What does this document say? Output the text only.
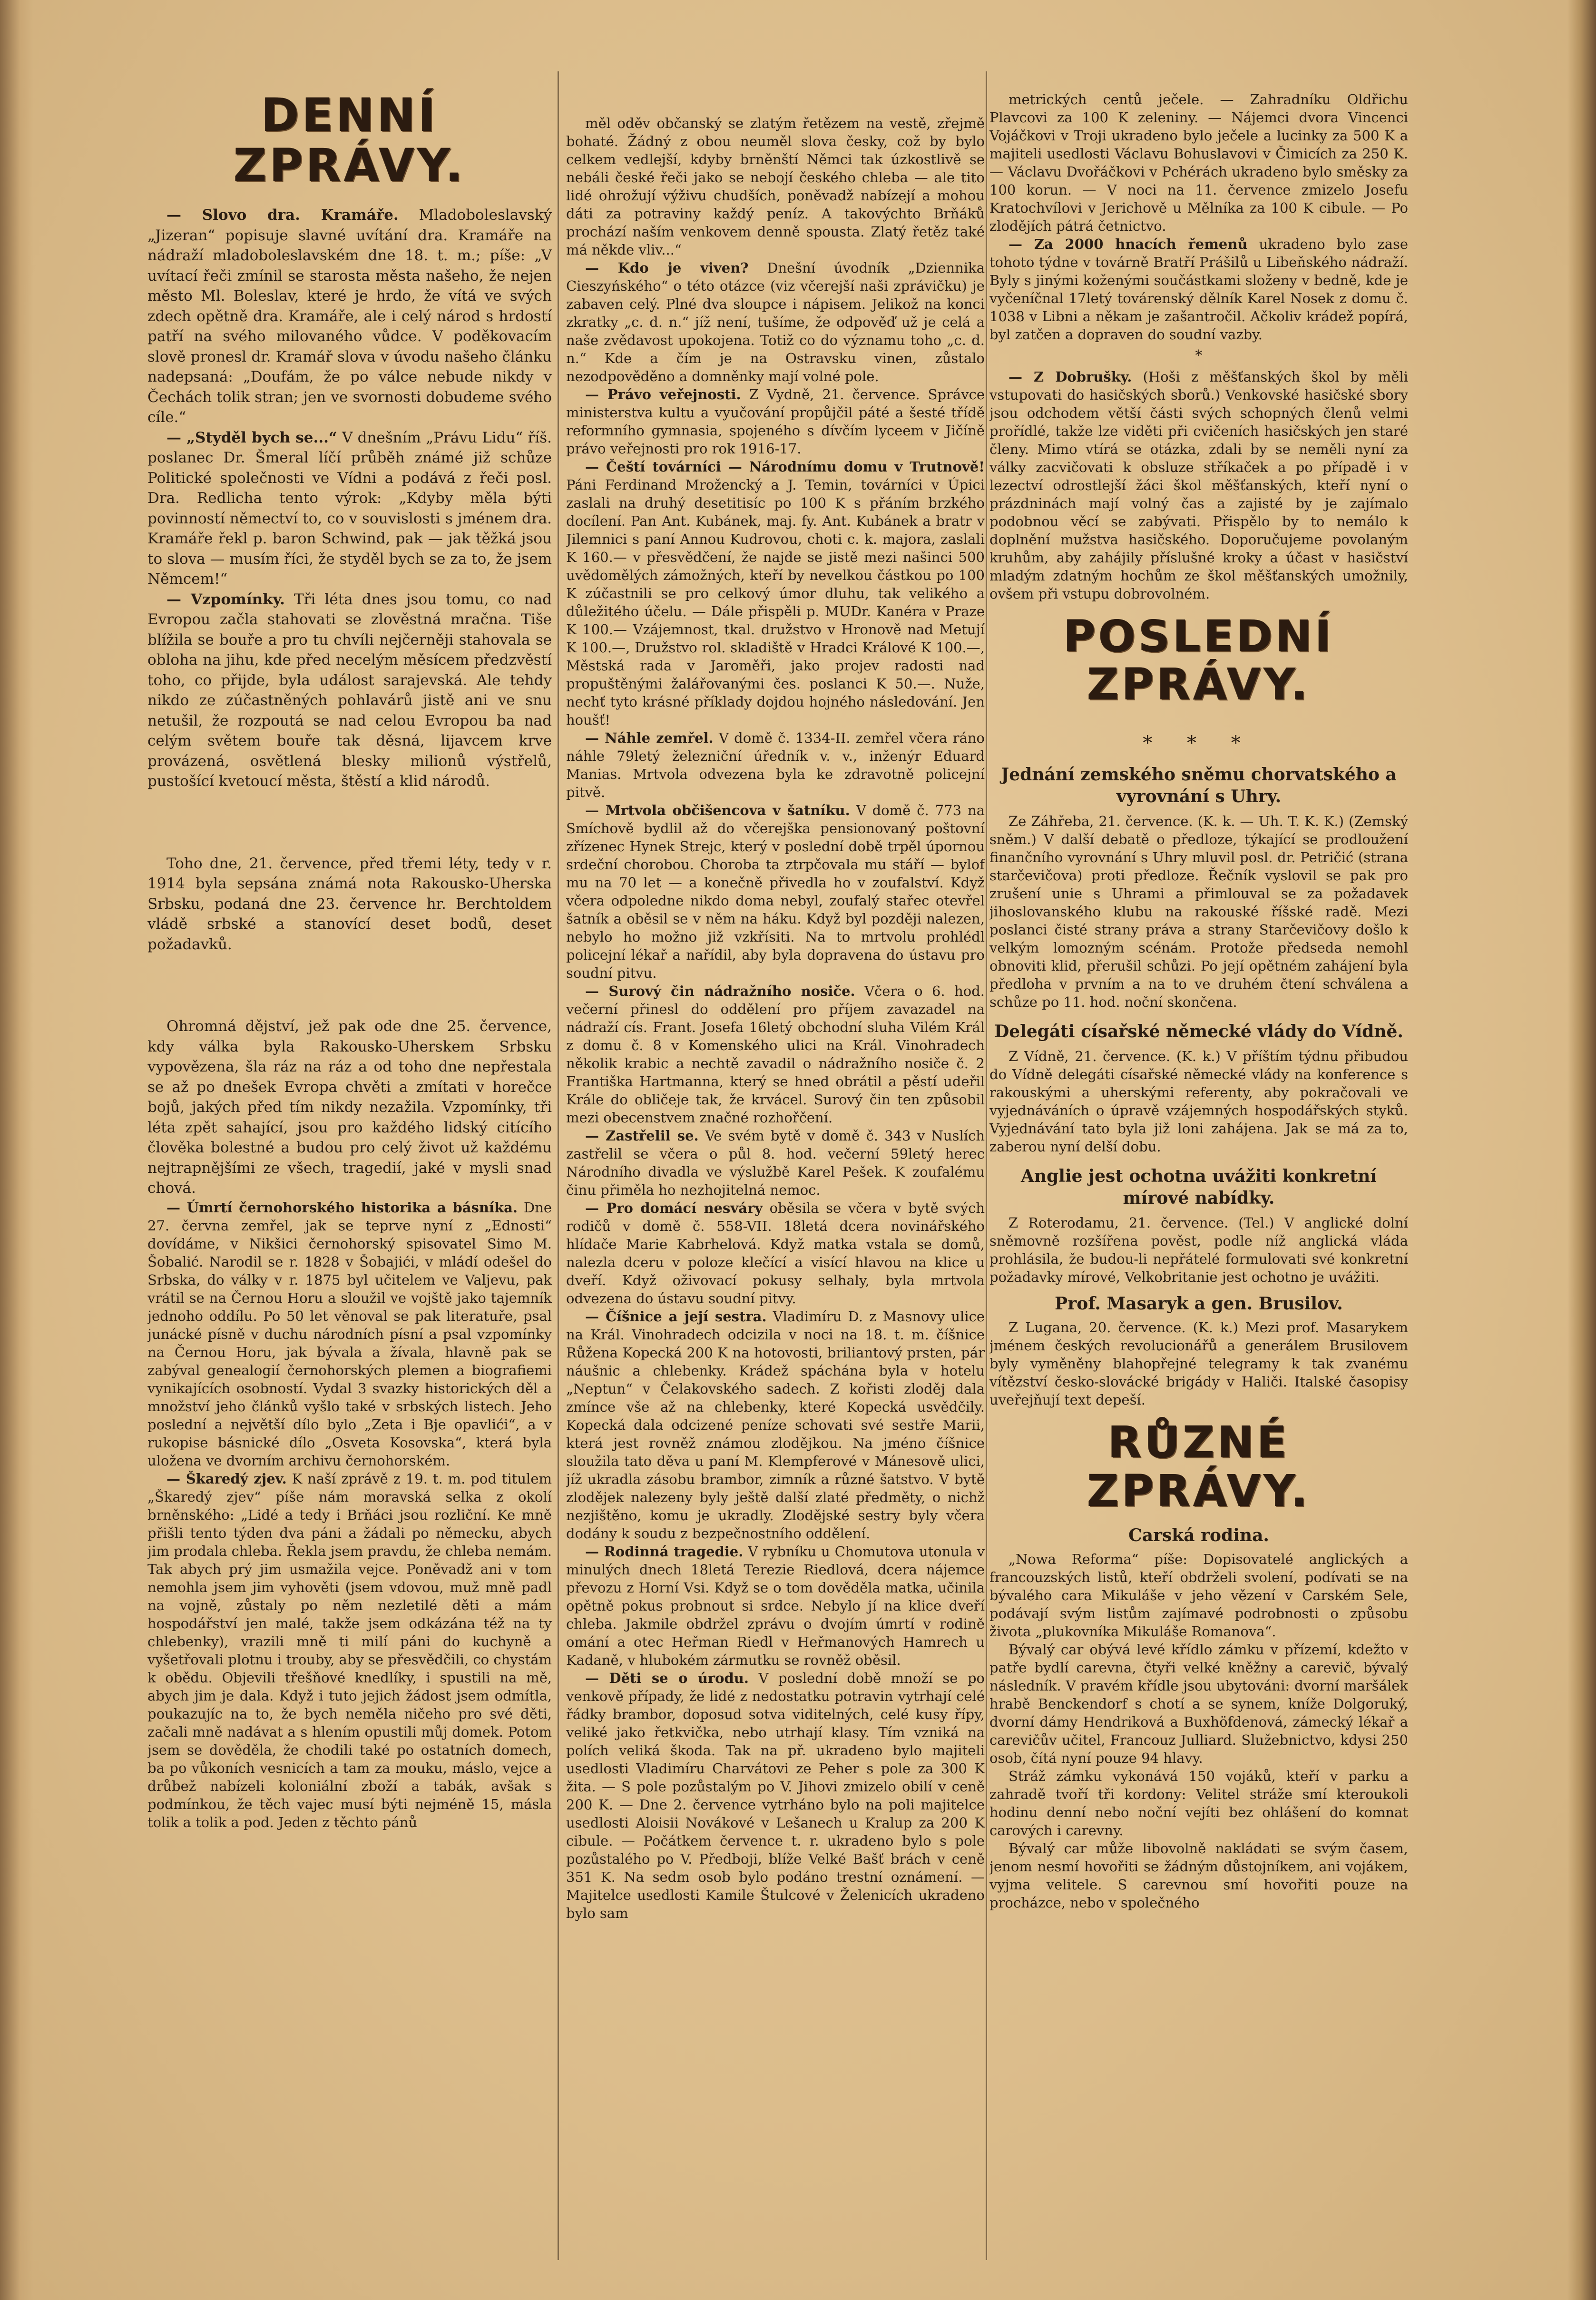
DENNÍ ZPRÁVY.

— Slovo dra. Kramáře. Mladoboleslavský „Jizeran“ popisuje slavné uvítání dra. Kramáře na nádraží mladoboleslavském dne 18. t. m.; píše: „V uvítací řeči zmínil se starosta města našeho, že nejen město Ml. Boleslav, které je hrdo, že vítá ve svých zdech opětně dra. Kramáře, ale i celý národ s hrdostí patří na svého milovaného vůdce. V poděkovacím slově pronesl dr. Kramář slova v úvodu našeho článku nadepsaná: „Doufám, že po válce nebude nikdy v Čechách tolik stran; jen ve svornosti dobudeme svého cíle.“

— „Styděl bych se...“ V dnešním „Právu Lidu“ říš. poslanec Dr. Šmeral líčí průběh známé již schůze Politické společnosti ve Vídni a podává z řeči posl. Dra. Redlicha tento výrok: „Kdyby měla býti povinností němectví to, co v souvislosti s jménem dra. Kramáře řekl p. baron Schwind, pak — jak těžká jsou to slova — musím říci, že styděl bych se za to, že jsem Němcem!“

— Vzpomínky. Tři léta dnes jsou tomu, co nad Evropou začla stahovati se zlověstná mračna. Tiše blížila se bouře a pro tu chvíli nejčerněji stahovala se obloha na jihu, kde před necelým měsícem předzvěstí toho, co přijde, byla událost sarajevská. Ale tehdy nikdo ze zúčastněných pohlavárů jistě ani ve snu netušil, že rozpoutá se nad celou Evropou ba nad celým světem bouře tak děsná, lijavcem krve provázená, osvětlená blesky milionů výstřelů, pustošící kvetoucí města, štěstí a klid národů.

Toho dne, 21. července, před třemi léty, tedy v r. 1914 byla sepsána známá nota Rakousko-Uherska Srbsku, podaná dne 23. července hr. Berchtoldem vládě srbské a stanovící deset bodů, deset požadavků.

Ohromná dějství, jež pak ode dne 25. července, kdy válka byla Rakousko-Uherskem Srbsku vypovězena, šla ráz na ráz a od toho dne nepřestala se až po dnešek Evropa chvěti a zmítati v horečce bojů, jakých před tím nikdy nezažila. Vzpomínky, tři léta zpět sahající, jsou pro každého lidský citícího člověka bolestné a budou pro celý život už každému nejtrapnějšími ze všech, tragedií, jaké v mysli snad chová.

— Úmrtí černohorského historika a básníka. Dne 27. června zemřel, jak se teprve nyní z „Ednosti“ dovídáme, v Nikšici černohorský spisovatel Simo M. Šobalić. Narodil se r. 1828 v Šobajići, v mládí odešel do Srbska, do války v r. 1875 byl učitelem ve Valjevu, pak vrátil se na Černou Horu a sloužil ve vojště jako tajemník jednoho oddílu. Po 50 let věnoval se pak literatuře, psal junácké písně v duchu národních písní a psal vzpomínky na Černou Horu, jak bývala a žívala, hlavně pak se zabýval genealogií černohorských plemen a biografiemi vynikajících osobností. Vydal 3 svazky historických děl a množství jeho článků vyšlo také v srbských listech. Jeho poslední a největší dílo bylo „Zeta i Bje opavlići“, a v rukopise básnické dílo „Osveta Kosovska“, která byla uložena ve dvorním archivu černohorském.

— Škaredý zjev. K naší zprávě z 19. t. m. pod titulem „Škaredý zjev“ píše nám moravská selka z okolí brněnského: „Lidé a tedy i Brňáci jsou rozliční. Ke mně přišli tento týden dva páni a žádali po německu, abych jim prodala chleba. Řekla jsem pravdu, že chleba nemám. Tak abych prý jim usmažila vejce. Poněvadž ani v tom nemohla jsem jim vyhověti (jsem vdovou, muž mně padl na vojně, zůstaly po něm nezletilé děti a mám hospodářství jen malé, takže jsem odkázána též na ty chlebenky), vrazili mně ti milí páni do kuchyně a vyšetřovali plotnu i trouby, aby se přesvědčili, co chystám k obědu. Objevili třešňové knedlíky, i spustili na mě, abych jim je dala. Když i tuto jejich žádost jsem odmítla, poukazujíc na to, že bych neměla ničeho pro své děti, začali mně nadávat a s hlením opustili můj domek. Potom jsem se dověděla, že chodili také po ostatních domech, ba po vůkoních vesnicích a tam za mouku, máslo, vejce a drůbež nabízeli koloniální zboží a tabák, avšak s podmínkou, že těch vajec musí býti nejméně 15, másla tolik a tolik a pod. Jeden z těchto pánů

měl oděv občanský se zlatým řetězem na vestě, zřejmě bohaté. Žádný z obou neuměl slova česky, což by bylo celkem vedlejší, kdyby brněnští Němci tak úzkostlivě se nebáli české řeči jako se nebojí českého chleba — ale tito lidé ohrožují výživu chudších, poněvadž nabízejí a mohou dáti za potraviny každý peníz. A takovýchto Brňáků prochází naším venkovem denně spousta. Zlatý řetěz také má někde vliv...“

— Kdo je viven? Dnešní úvodník „Dziennika Cieszyńského“ o této otázce (viz včerejší naši zprávičku) je zabaven celý. Plné dva sloupce i nápisem. Jelikož na konci zkratky „c. d. n.“ jíž není, tušíme, že odpověď už je celá a naše zvědavost upokojena. Totiž co do významu toho „c. d. n.“ Kde a čím je na Ostravsku vinen, zůstalo nezodpověděno a domněnky mají volné pole.

— Právo veřejnosti. Z Vydně, 21. července. Správce ministerstva kultu a vyučování propůjčil páté a šesté třídě reformního gymnasia, spojeného s dívčím lyceem v Jičíně právo veřejnosti pro rok 1916-17.

— Čeští továrníci — Národnímu domu v Trutnově! Páni Ferdinand Mrožencký a J. Temin, továrníci v Úpici zaslali na druhý desetitisíc po 100 K s přáním brzkého docílení. Pan Ant. Kubánek, maj. fy. Ant. Kubánek a bratr v Jilemnici s paní Annou Kudrovou, choti c. k. majora, zaslali K 160.— v přesvědčení, že najde se jistě mezi našinci 500 uvědomělých zámožných, kteří by nevelkou částkou po 100 K zúčastnili se pro celkový úmor dluhu, tak velikého a důležitého účelu. — Dále přispěli p. MUDr. Kanéra v Praze K 100.— Vzájemnost, tkal. družstvo v Hronově nad Metují K 100.—, Družstvo rol. skladiště v Hradci Králové K 100.—, Městská rada v Jaroměři, jako projev radosti nad propuštěnými žalářovanými čes. poslanci K 50.—. Nuže, nechť tyto krásné příklady dojdou hojného následování. Jen houšť!

— Náhle zemřel. V domě č. 1334-II. zemřel včera ráno náhle 79letý železniční úředník v. v., inženýr Eduard Manias. Mrtvola odvezena byla ke zdravotně policejní pitvě.

— Mrtvola občišencova v šatníku. V domě č. 773 na Smíchově bydlil až do včerejška pensionovaný poštovní zřízenec Hynek Strejc, který v poslední době trpěl úpornou srdeční chorobou. Choroba ta ztrpčovala mu stáří — bylof mu na 70 let — a konečně přivedla ho v zoufalství. Když včera odpoledne nikdo doma nebyl, zoufalý stařec otevřel šatník a oběsil se v něm na háku. Když byl později nalezen, nebylo ho možno již vzkřísiti. Na to mrtvolu prohlédl policejní lékař a nařídil, aby byla dopravena do ústavu pro soudní pitvu.

— Surový čin nádražního nosiče. Včera o 6. hod. večerní přinesl do oddělení pro příjem zavazadel na nádraží cís. Frant. Josefa 16letý obchodní sluha Vilém Král z domu č. 8 v Komenského ulici na Král. Vinohradech několik krabic a nechtě zavadil o nádražního nosiče č. 2 Františka Hartmanna, který se hned obrátil a pěstí udeřil Krále do obličeje tak, že krvácel. Surový čin ten způsobil mezi obecenstvem značné rozhořčení.

— Zastřelil se. Ve svém bytě v domě č. 343 v Nuslích zastřelil se včera o půl 8. hod. večerní 59letý herec Národního divadla ve výslužbě Karel Pešek. K zoufalému činu přiměla ho nezhojitelná nemoc.

— Pro domácí nesváry oběsila se včera v bytě svých rodičů v domě č. 558-VII. 18letá dcera novinářského hlídače Marie Kabrhelová. Když matka vstala se domů, nalezla dceru v poloze klečící a visící hlavou na klice u dveří. Když oživovací pokusy selhaly, byla mrtvola odvezena do ústavu soudní pitvy.

— Číšnice a její sestra. Vladimíru D. z Masnovy ulice na Král. Vinohradech odcizila v noci na 18. t. m. číšnice Růžena Kopecká 200 K na hotovosti, briliantový prsten, pár náušnic a chlebenky. Krádež spáchána byla v hotelu „Neptun“ v Čelakovského sadech. Z kořisti zloděj dala zmínce vše až na chlebenky, které Kopecká usvědčily. Kopecká dala odcizené peníze schovati své sestře Marii, která jest rovněž známou zlodějkou. Na jméno číšnice sloužila tato děva u paní M. Klempferové v Mánesově ulici, jíž ukradla zásobu brambor, zimník a různé šatstvo. V bytě zlodějek nalezeny byly ještě další zlaté předměty, o nichž nezjištěno, komu je ukradly. Zlodějské sestry byly včera dodány k soudu z bezpečnostního oddělení.

— Rodinná tragedie. V rybníku u Chomutova utonula v minulých dnech 18letá Terezie Riedlová, dcera nájemce převozu z Horní Vsi. Když se o tom dověděla matka, učinila opětně pokus probnout si srdce. Nebylo jí na klice dveří chleba. Jakmile obdržel zprávu o dvojím úmrtí v rodině omání a otec Heřman Riedl v Heřmanových Hamrech u Kadaně, v hlubokém zármutku se rovněž oběsil.

— Děti se o úrodu. V poslední době množí se po venkově případy, že lidé z nedostatku potravin vytrhají celé řádky brambor, doposud sotva viditelných, celé kusy řípy, veliké jako řetkvička, nebo utrhají klasy. Tím vzniká na polích veliká škoda. Tak na př. ukradeno bylo majiteli usedlosti Vladimíru Charvátovi ze Peher s pole za 300 K žita. — S pole pozůstalým po V. Jihovi zmizelo obilí v ceně 200 K. — Dne 2. července vytrháno bylo na poli majitelce usedlosti Aloisii Novákové v Lešanech u Kralup za 200 K cibule. — Počátkem července t. r. ukradeno bylo s pole pozůstalého po V. Předboji, blíže Velké Bašť brách v ceně 351 K. Na sedm osob bylo podáno trestní oznámení. — Majitelce usedlosti Kamile Štulcové v Želenicích ukradeno bylo sam

metrických centů ječele. — Zahradníku Oldřichu Plavcovi za 100 K zeleniny. — Nájemci dvora Vincenci Vojáčkovi v Troji ukradeno bylo ječele a lucinky za 500 K a majiteli usedlosti Václavu Bohuslavovi v Čimicích za 250 K. — Václavu Dvořáčkovi v Pchérách ukradeno bylo směsky za 100 korun. — V noci na 11. července zmizelo Josefu Kratochvílovi v Jerichově u Mělníka za 100 K cibule. — Po zlodějích pátrá četnictvo.

— Za 2000 hnacích řemenů ukradeno bylo zase tohoto týdne v továrně Bratří Prášilů u Libeňského nádraží. Byly s jinými koženými součástkami složeny v bedně, kde je vyčeníčnal 17letý továrenský dělník Karel Nosek z domu č. 1038 v Libni a někam je zašantročil. Ačkoliv krádež popírá, byl zatčen a dopraven do soudní vazby.

*

— Z Dobrušky. (Hoši z měšťanských škol by měli vstupovati do hasičských sborů.) Venkovské hasičské sbory jsou odchodem větší části svých schopných členů velmi prořídlé, takže lze viděti při cvičeních hasičských jen staré členy. Mimo vtírá se otázka, zdali by se neměli nyní za války zacvičovati k obsluze stříkaček a po případě i v lezectví odrostlejší žáci škol měšťanských, kteří nyní o prázdninách mají volný čas a zajisté by je zajímalo podobnou věcí se zabývati. Přispělo by to nemálo k doplnění mužstva hasičského. Doporučujeme povolaným kruhům, aby zahájily příslušné kroky a účast v hasičství mladým zdatným hochům ze škol měšťanských umožnily, ovšem při vstupu dobrovolném.

POSLEDNÍ ZPRÁVY.
* * *
Jednání zemského sněmu chorvatského a vyrovnání s Uhry.

Ze Záhřeba, 21. července. (K. k. — Uh. T. K. K.) (Zemský sněm.) V další debatě o předloze, týkající se prodloužení finančního vyrovnání s Uhry mluvil posl. dr. Petričić (strana starčevičova) proti předloze. Řečník vyslovil se pak pro zrušení unie s Uhrami a přimlouval se za požadavek jihoslovanského klubu na rakouské říšské radě. Mezi poslanci čisté strany práva a strany Starčevičovy došlo k velkým lomozným scénám. Protože předseda nemohl obnoviti klid, přerušil schůzi. Po její opětném zahájení byla předloha v prvním a na to ve druhém čtení schválena a schůze po 11. hod. noční skončena.

Delegáti císařské německé vlády do Vídně.

Z Vídně, 21. července. (K. k.) V příštím týdnu přibudou do Vídně delegáti císařské německé vlády na konference s rakouskými a uherskými referenty, aby pokračovali ve vyjednáváních o úpravě vzájemných hospodářských styků. Vyjednávání tato byla již loni zahájena. Jak se má za to, zaberou nyní delší dobu.

Anglie jest ochotna uvážiti konkretní mírové nabídky.

Z Roterodamu, 21. července. (Tel.) V anglické dolní sněmovně rozšířena pověst, podle níž anglická vláda prohlásila, že budou-li nepřátelé formulovati své konkretní požadavky mírové, Velkobritanie jest ochotno je uvážiti.

Prof. Masaryk a gen. Brusilov.

Z Lugana, 20. července. (K. k.) Mezi prof. Masarykem jménem českých revolucionářů a generálem Brusilovem byly vyměněny blahopřejné telegramy k tak zvanému vítězství česko-slovácké brigády v Haliči. Italské časopisy uveřejňují text depeší.

RŮZNÉ ZPRÁVY.
Carská rodina.

„Nowa Reforma“ píše: Dopisovatelé anglických a francouzských listů, kteří obdrželi svolení, podívati se na bývalého cara Mikuláše v jeho vězení v Carském Sele, podávají svým listům zajímavé podrobnosti o způsobu života „plukovníka Mikuláše Romanova“.

Bývalý car obývá levé křídlo zámku v přízemí, kdežto v patře bydlí carevna, čtyři velké kněžny a carevič, bývalý následník. V pravém křídle jsou ubytováni: dvorní maršálek hrabě Benckendorf s chotí a se synem, kníže Dolgoruký, dvorní dámy Hendriková a Buxhöfdenová, zámecký lékař a carevičův učitel, Francouz Julliard. Služebnictvo, kdysi 250 osob, čítá nyní pouze 94 hlavy.

Stráž zámku vykonává 150 vojáků, kteří v parku a zahradě tvoří tři kordony: Velitel stráže smí kteroukoli hodinu denní nebo noční vejíti bez ohlášení do komnat carových i carevny.

Bývalý car může libovolně nakládati se svým časem, jenom nesmí hovořiti se žádným důstojníkem, ani vojákem, vyjma velitele. S carevnou smí hovořiti pouze na procházce, nebo v společného
